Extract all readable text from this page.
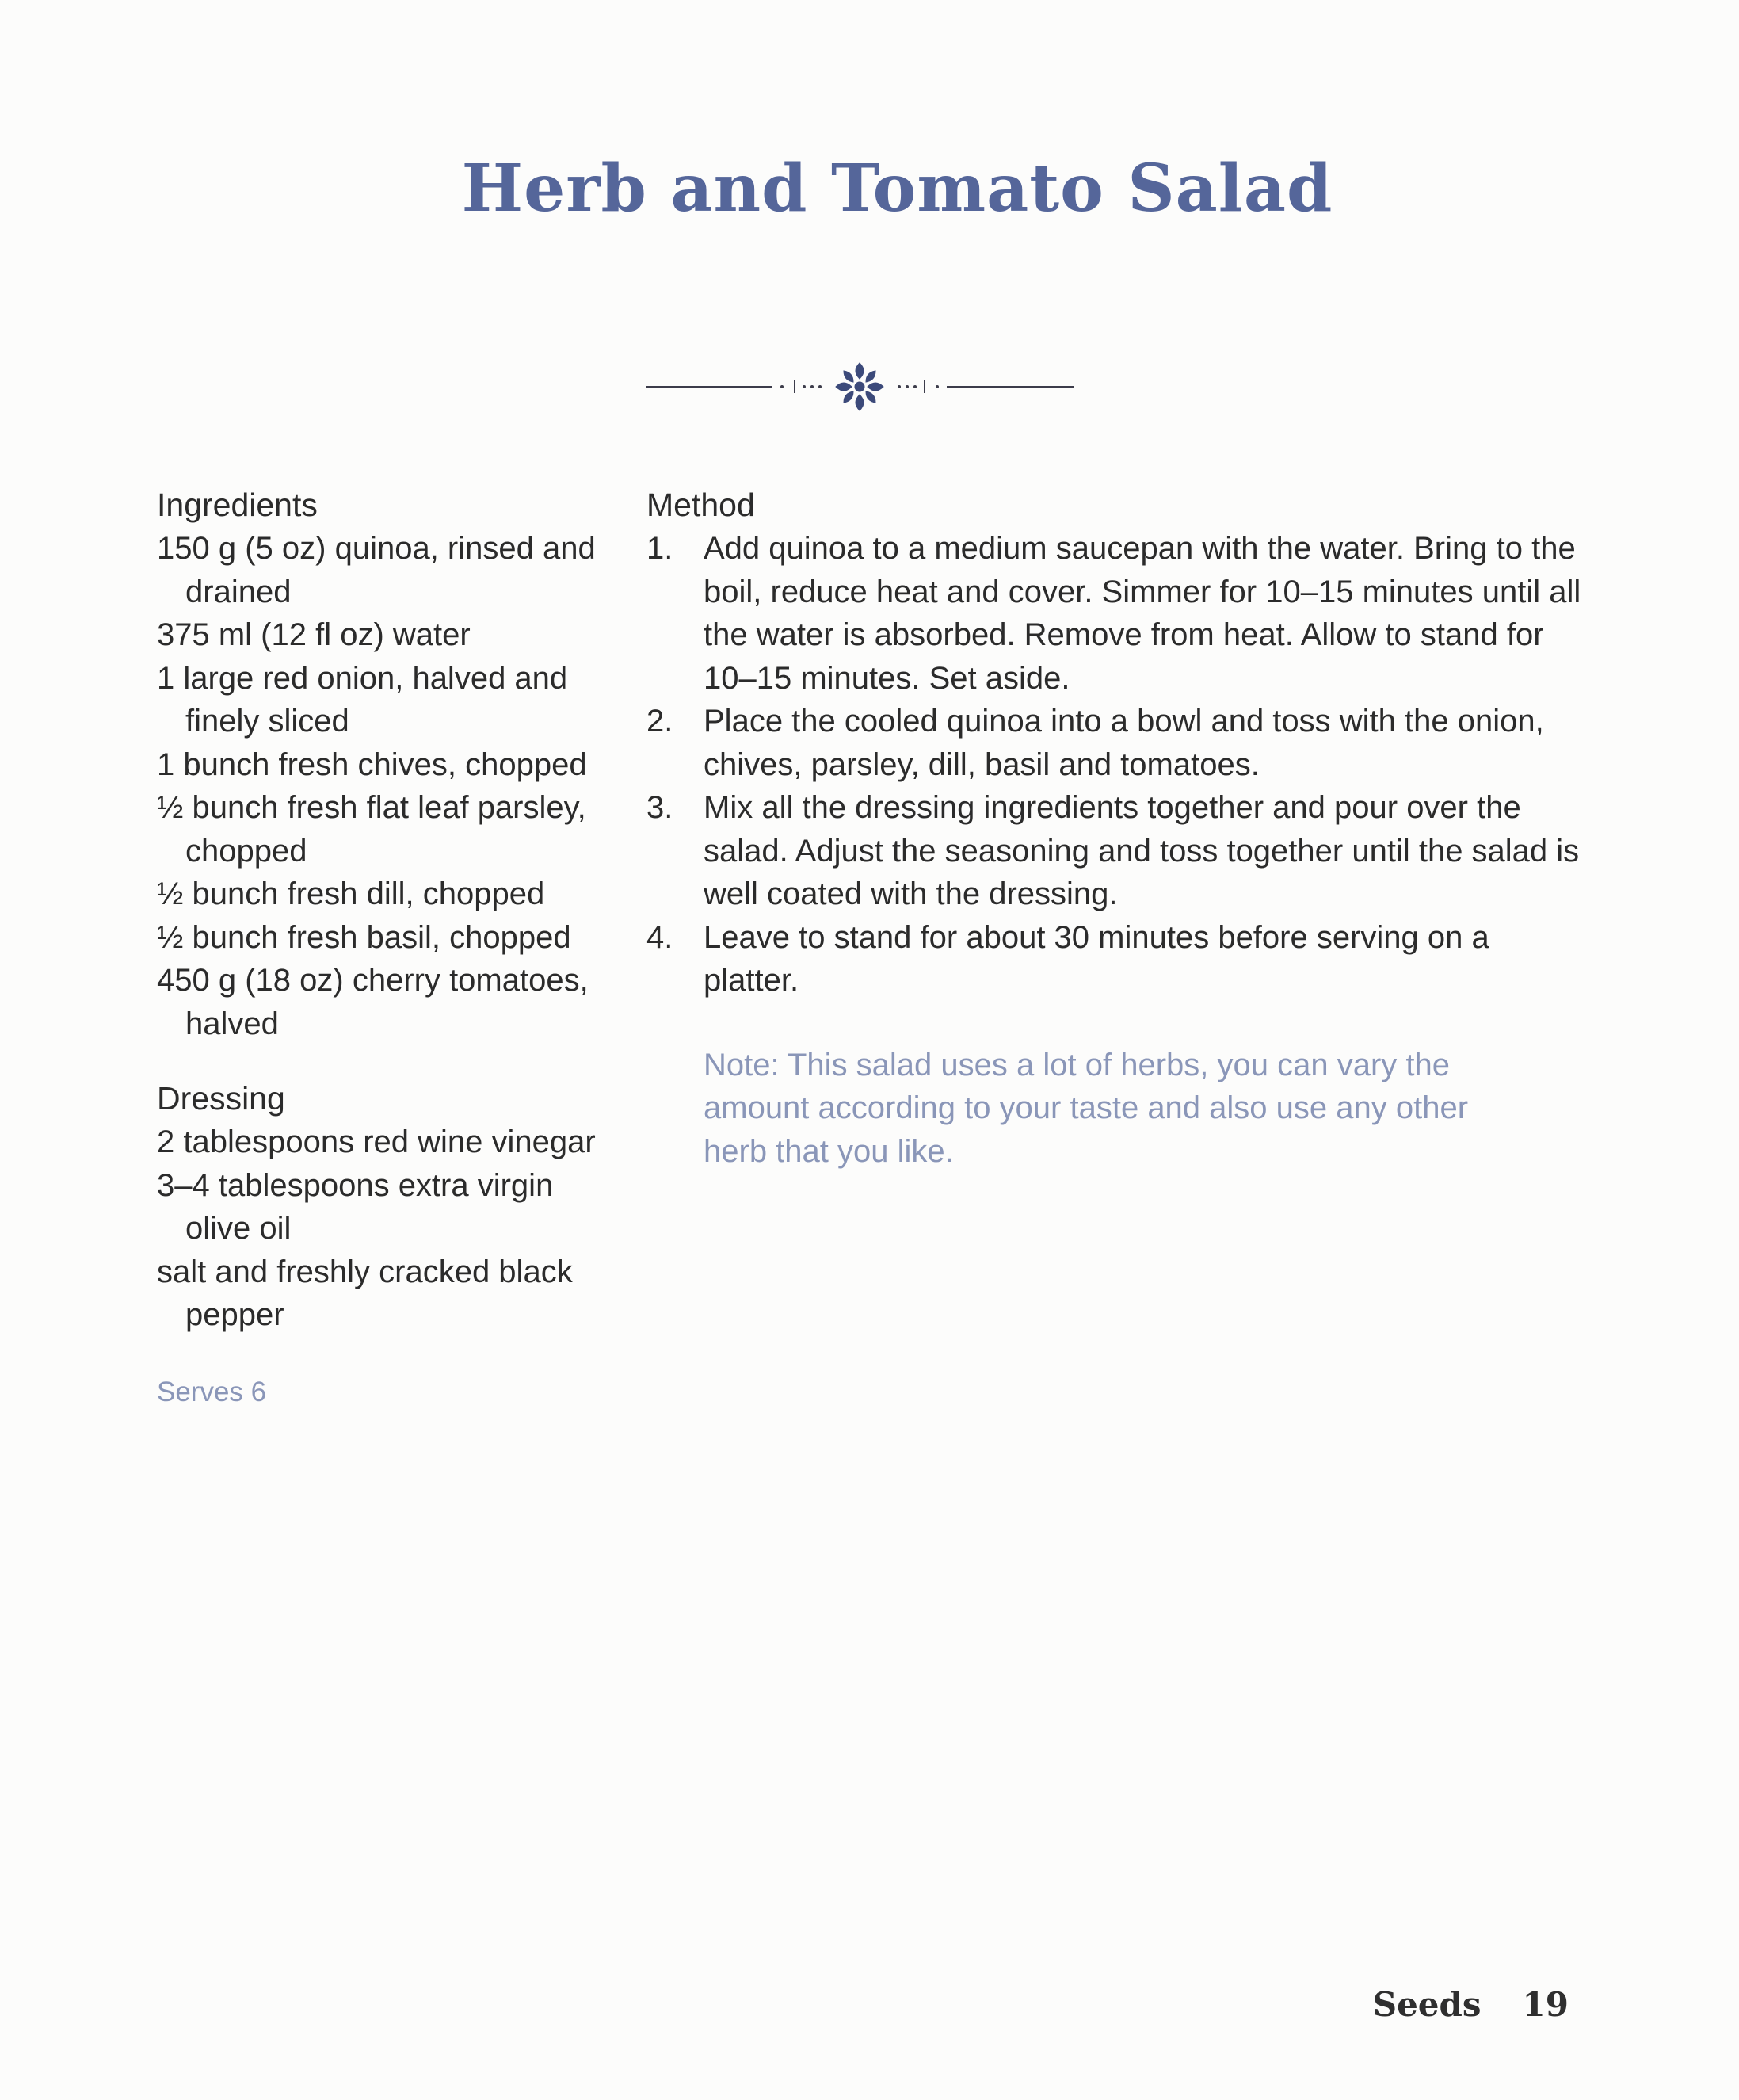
Herb and Tomato Salad
Ingredients
150 g (5 oz) quinoa, rinsed and drained
375 ml (12 fl oz) water
1 large red onion, halved and finely sliced
1 bunch fresh chives, chopped
½ bunch fresh flat leaf parsley, chopped
½ bunch fresh dill, chopped
½ bunch fresh basil, chopped
450 g (18 oz) cherry tomatoes, halved
Dressing
2 tablespoons red wine vinegar
3–4 tablespoons extra virgin olive oil
salt and freshly cracked black pepper
Serves 6
Method
1. Add quinoa to a medium saucepan with the water. Bring to the boil, reduce heat and cover. Simmer for 10–15 minutes until all the water is absorbed. Remove from heat. Allow to stand for 10–15 minutes. Set aside.
2. Place the cooled quinoa into a bowl and toss with the onion, chives, parsley, dill, basil and tomatoes.
3. Mix all the dressing ingredients together and pour over the salad. Adjust the seasoning and toss together until the salad is well coated with the dressing.
4. Leave to stand for about 30 minutes before serving on a platter.
Note: This salad uses a lot of herbs, you can vary the amount according to your taste and also use any other herb that you like.
Seeds 19
